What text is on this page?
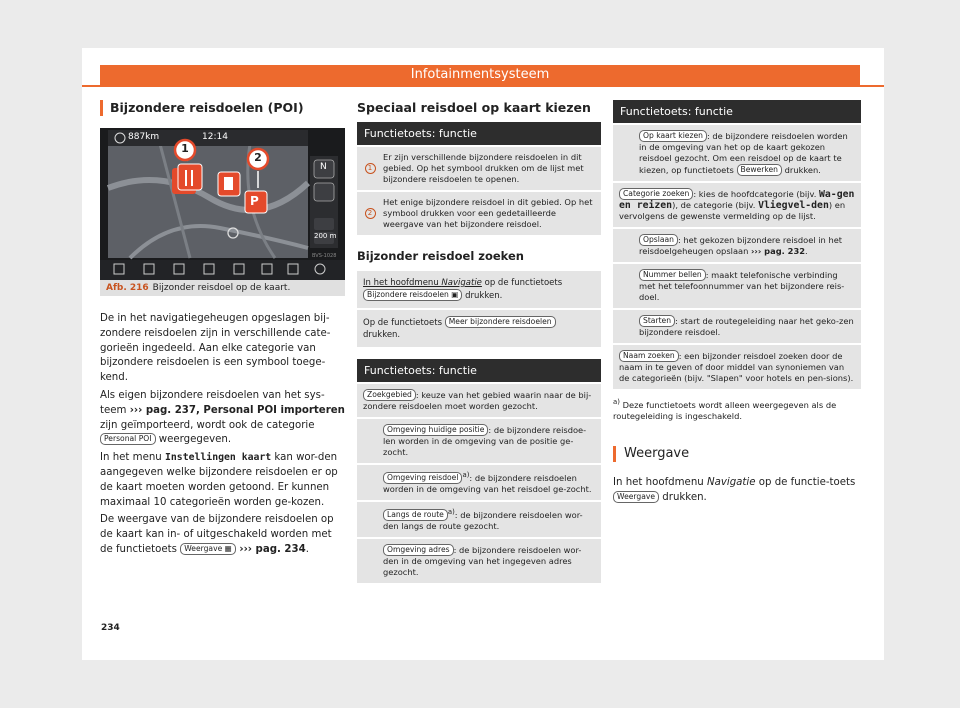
Infotainmentsysteem
Bijzondere reisdoelen (POI)
887km	12:14
1
2
P
N
200 m
BVS-1028
Afb. 216 Bijzonder reisdoel op de kaart.

De in het navigatiegeheugen opgeslagen bij-zondere reisdoelen zijn in verschillende cate-gorieën ingedeeld. Aan elke categorie van bijzondere reisdoelen is een symbool toege-kend.

Als eigen bijzondere reisdoelen van het sys-teem ››› pag. 237, Personal POI importeren zijn geïmporteerd, wordt ook de categorie Personal POI weergegeven.

In het menu Instellingen kaart kan wor-den aangegeven welke bijzondere reisdoelen er op de kaart moeten worden getoond. Er kunnen maximaal 10 categorieën worden ge-kozen.

De weergave van de bijzondere reisdoelen op de kaart kan in- of uitgeschakeld worden met de functietoets Weergave ▦ ››› pag. 234.

Speciaal reisdoel op kaart kiezen
Functietoets: functie
1
Er zijn verschillende bijzondere reisdoelen in dit gebied. Op het symbool drukken om de lijst met bijzondere reisdoelen te openen.
2
Het enige bijzondere reisdoel in dit gebied. Op het symbool drukken voor een gedetailleerde weergave van het bijzondere reisdoel.
Bijzonder reisdoel zoeken
In het hoofdmenu Navigatie op de functietoets
Bijzondere reisdoelen ▣ drukken.
Op de functietoets Meer bijzondere reisdoelen drukken.
Functietoets: functie
Zoekgebied : keuze van het gebied waarin naar de bij-zondere reisdoelen moet worden gezocht.
Omgeving huidige positie : de bijzondere reisdoe-len worden in de omgeving van de positie ge-zocht.
Omgeving reisdoel $^{a)}$: de bijzondere reisdoelen worden in de omgeving van het reisdoel ge-zocht.
Langs de route $^{a)}$: de bijzondere reisdoelen wor-den langs de route gezocht.
Omgeving adres : de bijzondere reisdoelen wor-den in de omgeving van het ingegeven adres gezocht.
Functietoets: functie
Op kaart kiezen : de bijzondere reisdoelen worden in de omgeving van het op de kaart gekozen reisdoel gezocht. Om een reisdoel op de kaart te kiezen, op functietoets Bewerken drukken.
Categorie zoeken : kies de hoofdcategorie (bijv. Wa-gen en reizen), de categorie (bijv. Vliegvel-den) en vervolgens de gewenste vermelding op de lijst.
Opslaan : het gekozen bijzondere reisdoel in het reisdoelgeheugen opslaan ››› pag. 232.
Nummer bellen : maakt telefonische verbinding met het telefoonnummer van het bijzondere reis-doel.
Starten : start de routegeleiding naar het geko-zen bijzondere reisdoel.
Naam zoeken : een bijzonder reisdoel zoeken door de naam in te geven of door middel van synoniemen van de categorieën (bijv. "Slapen" voor hotels en pen-sions).
$^{a)}$ Deze functietoets wordt alleen weergegeven als de routegeleiding is ingeschakeld.
Weergave
In het hoofdmenu Navigatie op de functie-toets Weergave drukken.
234
